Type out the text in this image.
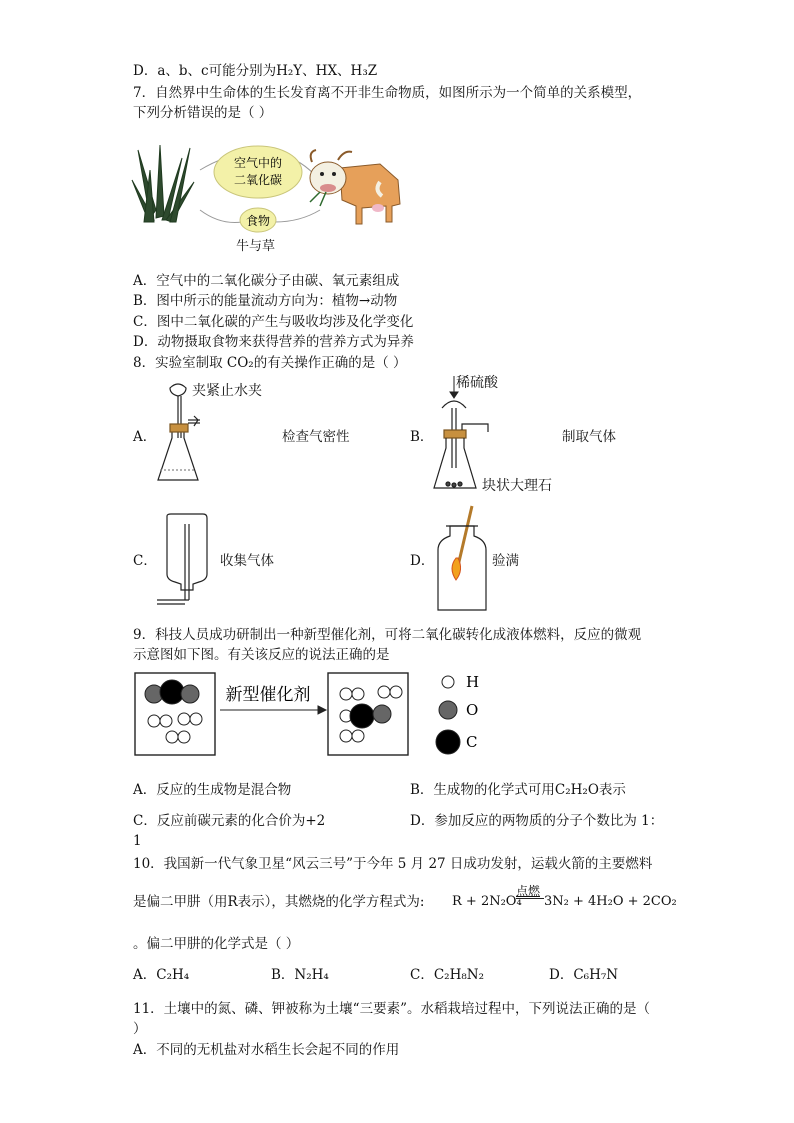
D．a、b、c可能分别为H₂Y、HX、H₃Z
7．自然界中生命体的生长发育离不开非生命物质，如图所示为一个简单的关系模型，
下列分析错误的是（ ）
空气中的
二氧化碳
食物
牛与草
A．空气中的二氧化碳分子由碳、氧元素组成
B．图中所示的能量流动方向为：植物→动物
C．图中二氧化碳的产生与吸收均涉及化学变化
D．动物摄取食物来获得营养的营养方式为异养
8．实验室制取 CO₂的有关操作正确的是（ ）
A．
夹紧止水夹
检查气密性	B．
稀硫酸
块状大理石
制取气体
C．	收集气体	D．	验满
9．科技人员成功研制出一种新型催化剂，可将二氧化碳转化成液体燃料，反应的微观
示意图如下图。有关该反应的说法正确的是
新型催化剂
H
O
C
A．反应的生成物是混合物	B．生成物的化学式可用C₂H₂O表示
C．反应前碳元素的化合价为+2	D．参加反应的两物质的分子个数比为 1：
1
10．我国新一代气象卫星“风云三号”于今年 5 月 27 日成功发射，运载火箭的主要燃料
是偏二甲肼（用R表示），其燃烧的化学方程式为: R + 2N₂O₄
点燃
3N₂ + 4H₂O + 2CO₂
。偏二甲肼的化学式是（ ）
A．C₂H₄	B．N₂H₄	C．C₂H₈N₂	D．C₆H₇N
11．土壤中的氮、磷、钾被称为土壤“三要素”。水稻栽培过程中，下列说法正确的是（
）
A．不同的无机盐对水稻生长会起不同的作用
